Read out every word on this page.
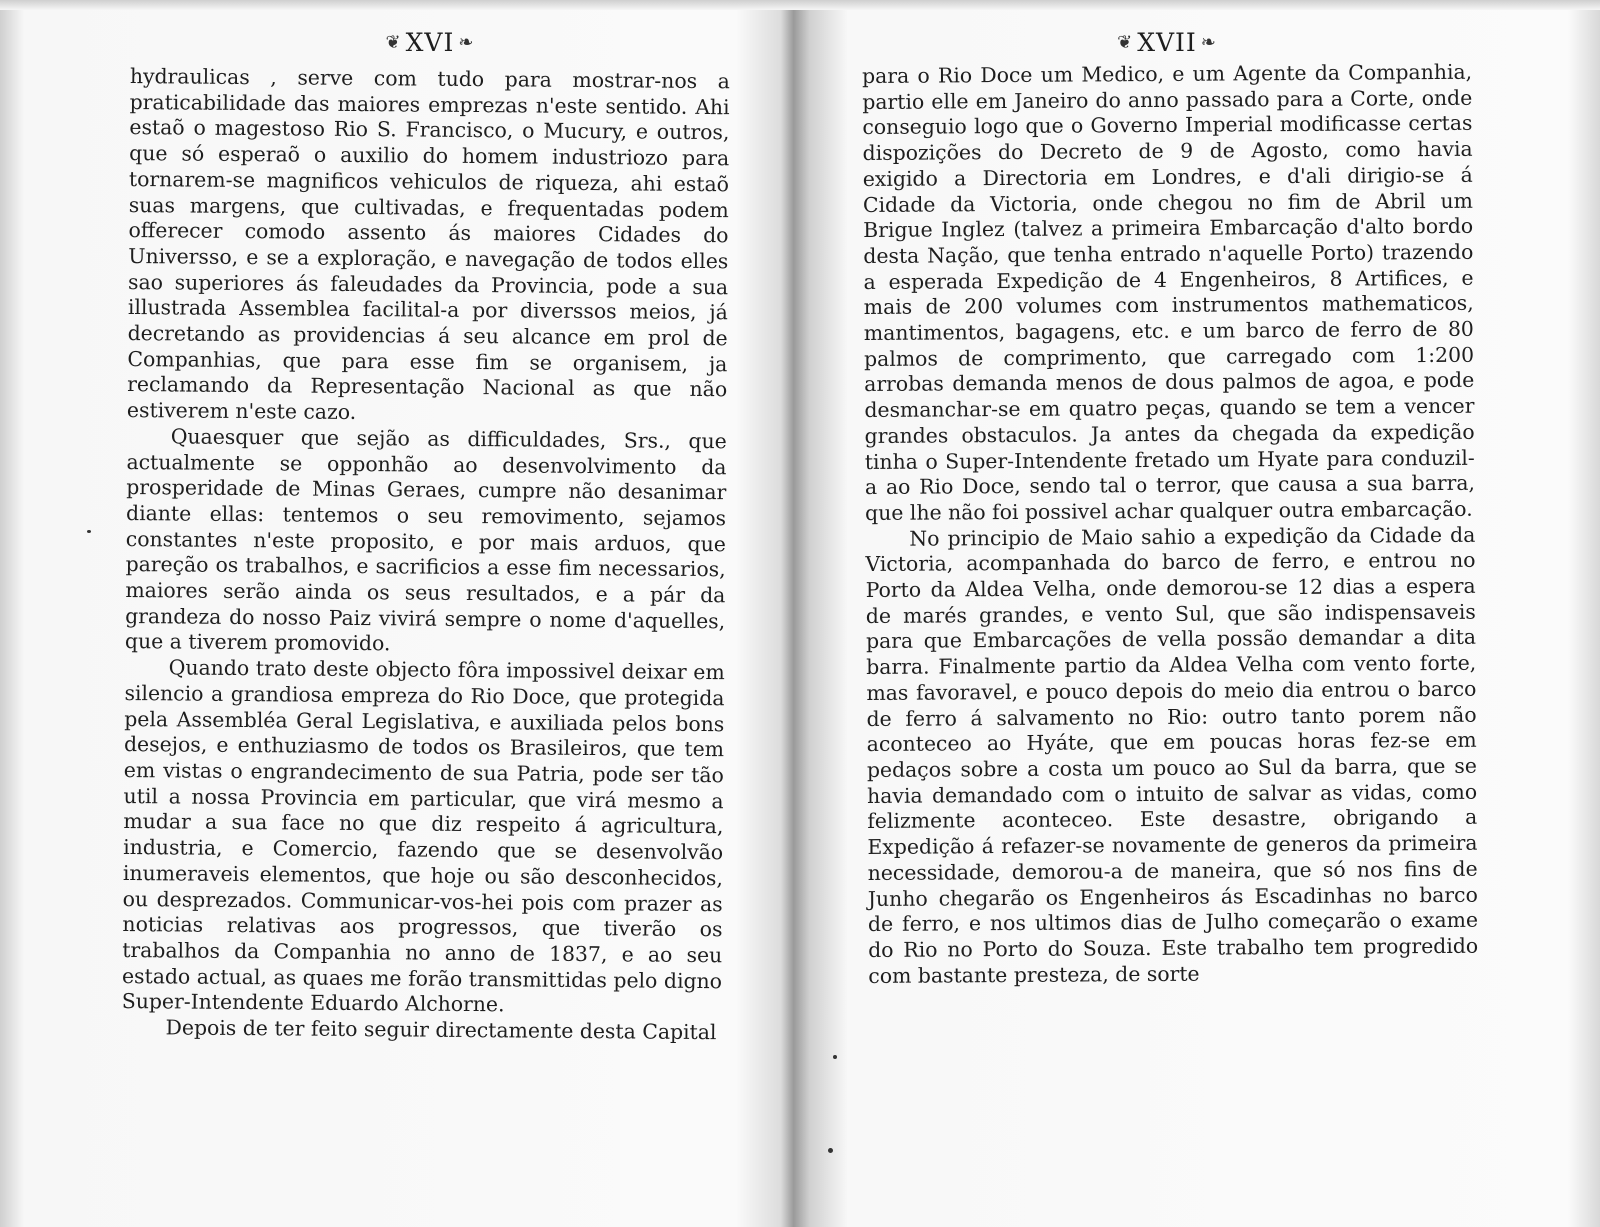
❦ XVI ❧

hydraulicas , serve com tudo para mostrar-nos a praticabilidade das maiores emprezas n'este sentido. Ahi estaõ o magestoso Rio S. Francisco, o Mucury, e outros, que só esperaõ o auxilio do homem industriozo para tornarem-se magnificos vehiculos de riqueza, ahi estaõ suas margens, que cultivadas, e frequentadas podem offerecer comodo assento ás maiores Cidades do Universso, e se a exploração, e navegação de todos elles sao superiores ás faleudades da Provincia, pode a sua illustrada Assemblea facilital-a por diverssos meios, já decretando as providencias á seu alcance em prol de Companhias, que para esse fim se organisem, ja reclamando da Representação Nacional as que não estiverem n'este cazo.

Quaesquer que sejão as difficuldades, Srs., que actualmente se opponhão ao desenvolvimento da prosperidade de Minas Geraes, cumpre não desanimar diante ellas: tentemos o seu removimento, sejamos constantes n'este proposito, e por mais arduos, que pareção os trabalhos, e sacrificios a esse fim necessarios, maiores serão ainda os seus resultados, e a pár da grandeza do nosso Paiz vivirá sempre o nome d'aquelles, que a tiverem promovido.

Quando trato deste objecto fôra impossivel deixar em silencio a grandiosa empreza do Rio Doce, que protegida pela Assembléa Geral Legislativa, e auxiliada pelos bons desejos, e enthuziasmo de todos os Brasileiros, que tem em vistas o engrandecimento de sua Patria, pode ser tão util a nossa Provincia em particular, que virá mesmo a mudar a sua face no que diz respeito á agricultura, industria, e Comercio, fazendo que se desenvolvão inumeraveis elementos, que hoje ou são desconhecidos, ou desprezados. Communicar-vos-hei pois com prazer as noticias relativas aos progressos, que tiverão os trabalhos da Companhia no anno de 1837, e ao seu estado actual, as quaes me forão transmittidas pelo digno Super-Intendente Eduardo Alchorne.

Depois de ter feito seguir directamente desta Capital

❦ XVII ❧

para o Rio Doce um Medico, e um Agente da Companhia, partio elle em Janeiro do anno passado para a Corte, onde conseguio logo que o Governo Imperial modificasse certas dispozições do Decreto de 9 de Agosto, como havia exigido a Directoria em Londres, e d'ali dirigio-se á Cidade da Victoria, onde chegou no fim de Abril um Brigue Inglez (talvez a primeira Embarcação d'alto bordo desta Nação, que tenha entrado n'aquelle Porto) trazendo a esperada Expedição de 4 Engenheiros, 8 Artifices, e mais de 200 volumes com instrumentos mathematicos, mantimentos, bagagens, etc. e um barco de ferro de 80 palmos de comprimento, que carregado com 1:200 arrobas demanda menos de dous palmos de agoa, e pode desmanchar-se em quatro peças, quando se tem a vencer grandes obstaculos. Ja antes da chegada da expedição tinha o Super-Intendente fretado um Hyate para conduzil-a ao Rio Doce, sendo tal o terror, que causa a sua barra, que lhe não foi possivel achar qualquer outra embarcação.

No principio de Maio sahio a expedição da Cidade da Victoria, acompanhada do barco de ferro, e entrou no Porto da Aldea Velha, onde demorou-se 12 dias a espera de marés grandes, e vento Sul, que são indispensaveis para que Embarcações de vella possão demandar a dita barra. Finalmente partio da Aldea Velha com vento forte, mas favoravel, e pouco depois do meio dia entrou o barco de ferro á salvamento no Rio: outro tanto porem não aconteceo ao Hyáte, que em poucas horas fez-se em pedaços sobre a costa um pouco ao Sul da barra, que se havia demandado com o intuito de salvar as vidas, como felizmente aconteceo. Este desastre, obrigando a Expedição á refazer-se novamente de generos da primeira necessidade, demorou-a de maneira, que só nos fins de Junho chegarão os Engenheiros ás Escadinhas no barco de ferro, e nos ultimos dias de Julho começarão o exame do Rio no Porto do Souza. Este trabalho tem progredido com bastante presteza, de sorte
